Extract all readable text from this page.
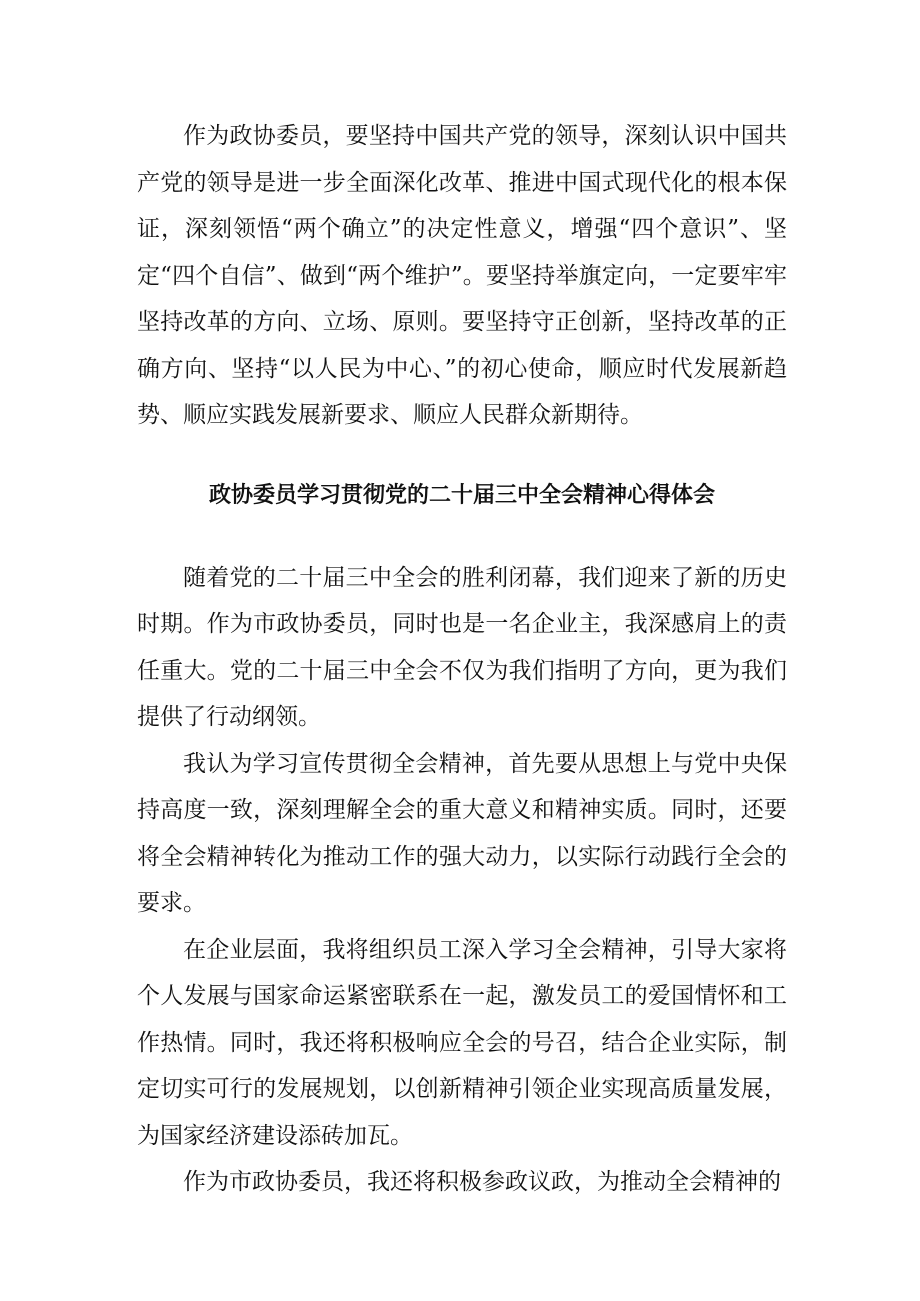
作为政协委员，要坚持中国共产党的领导，深刻认识中国共产党的领导是进一步全面深化改革、推进中国式现代化的根本保证，深刻领悟“两个确立”的决定性意义，增强“四个意识”、坚定“四个自信”、做到“两个维护”。要坚持举旗定向，一定要牢牢坚持改革的方向、立场、原则。要坚持守正创新，坚持改革的正确方向、坚持“以人民为中心、”的初心使命，顺应时代发展新趋势、顺应实践发展新要求、顺应人民群众新期待。

政协委员学习贯彻党的二十届三中全会精神心得体会

随着党的二十届三中全会的胜利闭幕，我们迎来了新的历史时期。作为市政协委员，同时也是一名企业主，我深感肩上的责任重大。党的二十届三中全会不仅为我们指明了方向，更为我们提供了行动纲领。

我认为学习宣传贯彻全会精神，首先要从思想上与党中央保持高度一致，深刻理解全会的重大意义和精神实质。同时，还要将全会精神转化为推动工作的强大动力，以实际行动践行全会的要求。

在企业层面，我将组织员工深入学习全会精神，引导大家将个人发展与国家命运紧密联系在一起，激发员工的爱国情怀和工作热情。同时，我还将积极响应全会的号召，结合企业实际，制定切实可行的发展规划，以创新精神引领企业实现高质量发展，为国家经济建设添砖加瓦。

作为市政协委员，我还将积极参政议政，为推动全会精神的
